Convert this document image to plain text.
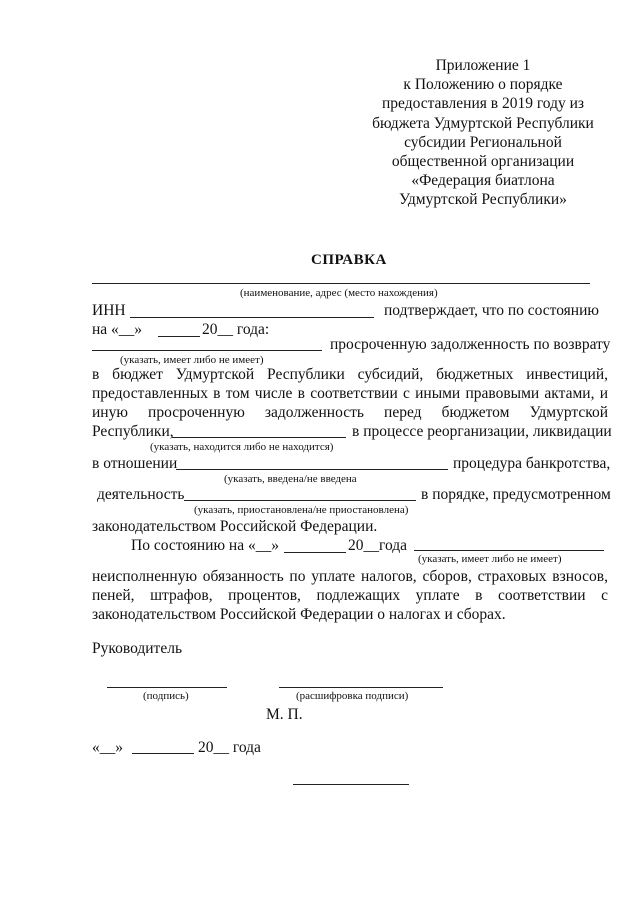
Приложение 1
к Положению о порядке
предоставления в 2019 году из
бюджета Удмуртской Республики
субсидии Региональной
общественной организации
«Федерация биатлона
Удмуртской Республики»
СПРАВКА
(наименование, адрес (место нахождения)
ИНН	подтверждает, что по состоянию
на «__»	20__ года:
просроченную задолженность по возврату
(указать, имеет либо не имеет)
в бюджет Удмуртской Республики субсидий, бюджетных инвестиций,
предоставленных в том числе в соответствии с иными правовыми актами, и
иную просроченную задолженность перед бюджетом Удмуртской
Республики,	в процессе реорганизации, ликвидации
(указать, находится либо не находится)
в отношении	процедура банкротства,
(указать, введена/не введена
деятельность	в порядке, предусмотренном
(указать, приостановлена/не приостановлена)
законодательством Российской Федерации.
По состоянию на «__»	20__года
(указать, имеет либо не имеет)
неисполненную обязанность по уплате налогов, сборов, страховых взносов,
пеней, штрафов, процентов, подлежащих уплате в соответствии с
законодательством Российской Федерации о налогах и сборах.
Руководитель
(подпись)	(расшифровка подписи)
М. П.
«__»	20__ года
